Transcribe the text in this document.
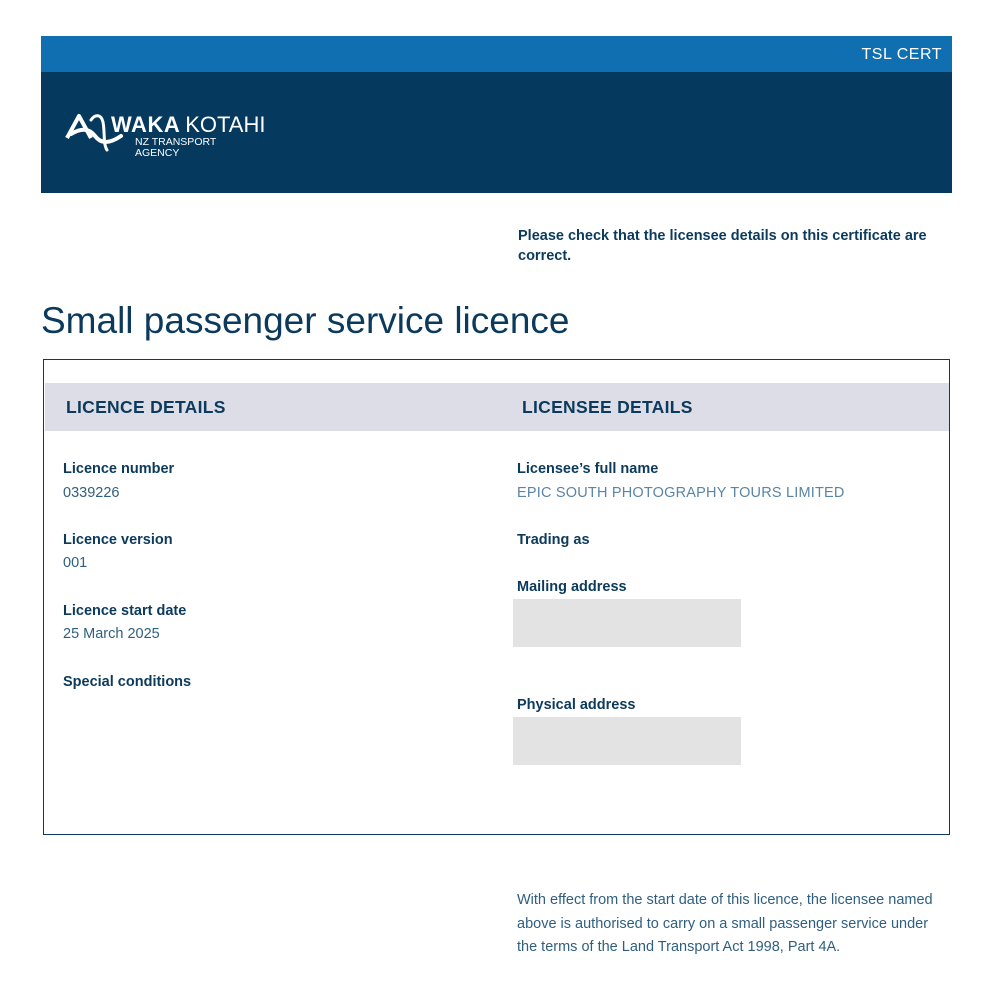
TSL CERT
WAKA KOTAHI
NZ TRANSPORT
AGENCY
Please check that the licensee details on this certificate are correct.
Small passenger service licence
LICENCE DETAILS	LICENSEE DETAILS
Licence number
0339226
Licence version
001
Licence start date
25 March 2025
Special conditions
Licensee’s full name
EPIC SOUTH PHOTOGRAPHY TOURS LIMITED
Trading as
Mailing address
Physical address
With effect from the start date of this licence, the licensee named above is authorised to carry on a small passenger service under the terms of the Land Transport Act 1998, Part 4A.
